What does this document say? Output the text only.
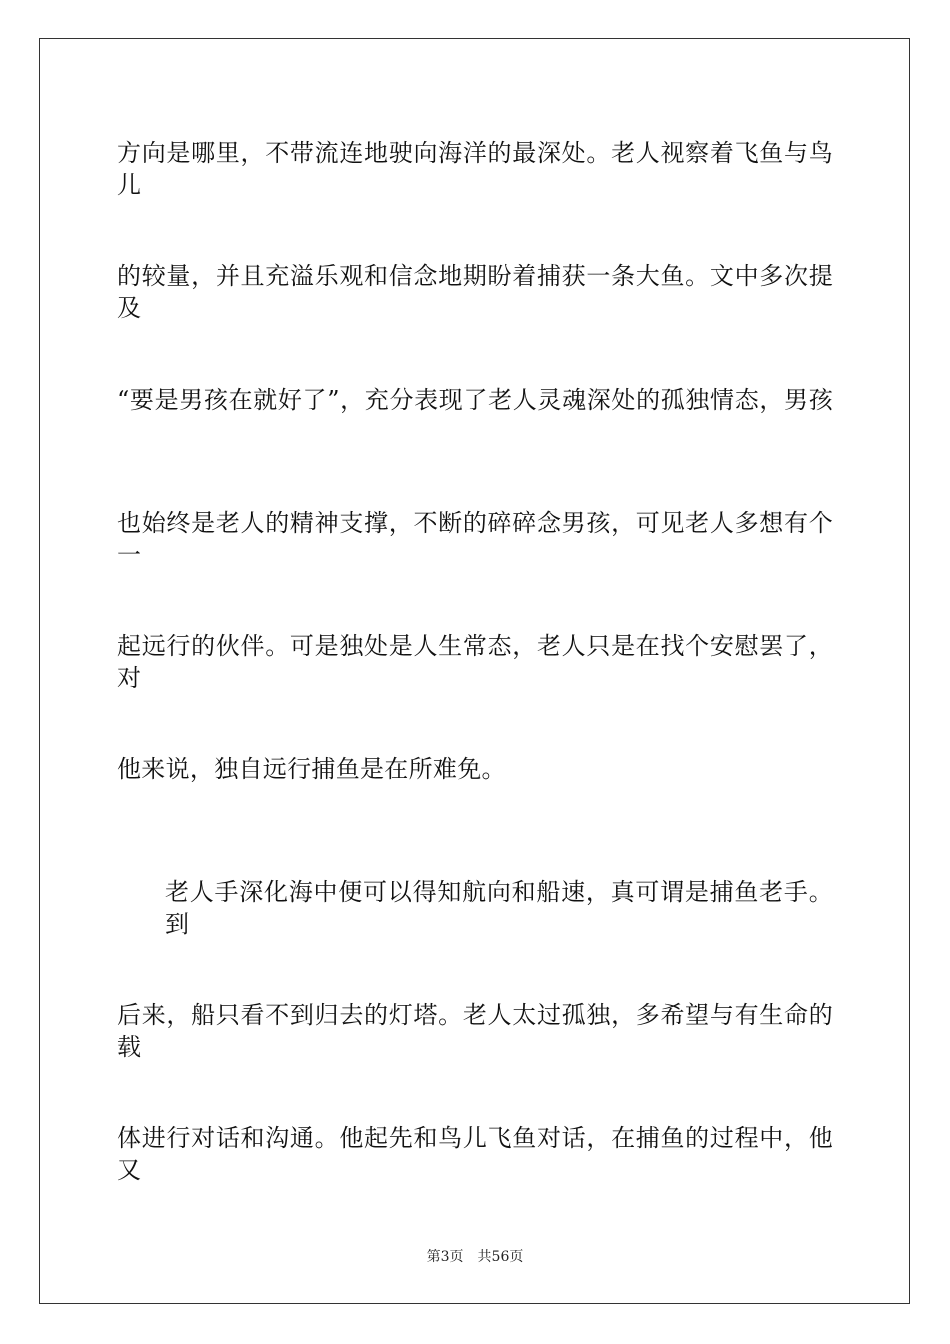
方向是哪里，不带流连地驶向海洋的最深处。老人视察着飞鱼与鸟儿
的较量，并且充溢乐观和信念地期盼着捕获一条大鱼。文中多次提及
“要是男孩在就好了”，充分表现了老人灵魂深处的孤独情态，男孩
也始终是老人的精神支撑，不断的碎碎念男孩，可见老人多想有个一
起远行的伙伴。可是独处是人生常态，老人只是在找个安慰罢了，对
他来说，独自远行捕鱼是在所难免。
老人手深化海中便可以得知航向和船速，真可谓是捕鱼老手。到
后来，船只看不到归去的灯塔。老人太过孤独，多希望与有生命的载
体进行对话和沟通。他起先和鸟儿飞鱼对话，在捕鱼的过程中，他又
第3页 共56页
